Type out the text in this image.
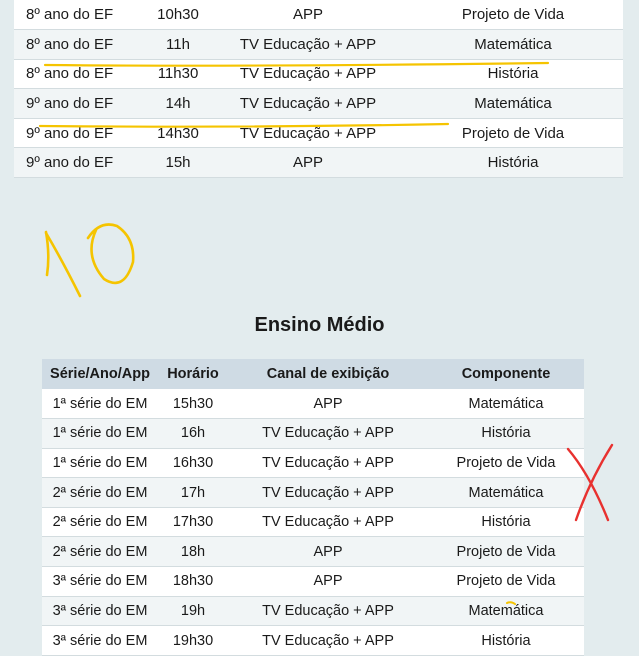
8º ano do EF	10h30	APP	Projeto de Vida
8º ano do EF	11h	TV Educação + APP	Matemática
8º ano do EF	11h30	TV Educação + APP	História
9º ano do EF	14h	TV Educação + APP	Matemática
9º ano do EF	14h30	TV Educação + APP	Projeto de Vida
9º ano do EF	15h	APP	História
Ensino Médio
Série/Ano/App	Horário	Canal de exibição	Componente
1ª série do EM	15h30	APP	Matemática
1ª série do EM	16h	TV Educação + APP	História
1ª série do EM	16h30	TV Educação + APP	Projeto de Vida
2ª série do EM	17h	TV Educação + APP	Matemática
2ª série do EM	17h30	TV Educação + APP	História
2ª série do EM	18h	APP	Projeto de Vida
3ª série do EM	18h30	APP	Projeto de Vida
3ª série do EM	19h	TV Educação + APP	Matemática
3ª série do EM	19h30	TV Educação + APP	História
